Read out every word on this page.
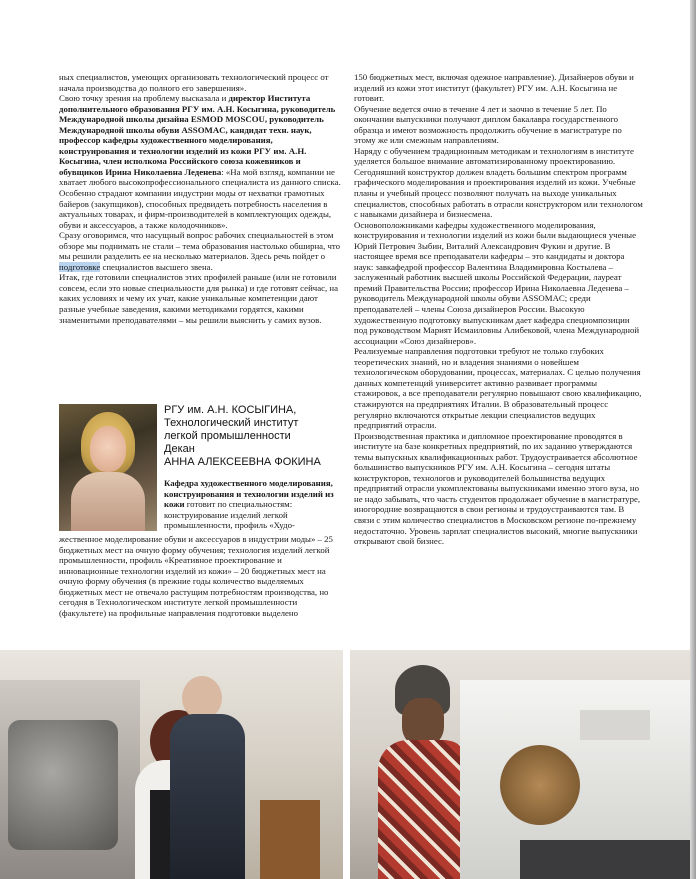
ных специалистов, умеющих организовать технологический процесс от начала производства до полного его завершения».

Свою точку зрения на проблему высказала и директор Института дополнительного образования РГУ им. А.Н. Косыгина, руководитель Международной школы дизайна ESMOD MOSCOU, руководитель Международной школы обуви ASSOMAC, кандидат техн. наук, профессор кафедры художественного моделирования, конструирования и технологии изделий из кожи РГУ им. А.Н. Косыгина, член исполкома Российского союза кожевников и обувщиков Ирина Николаевна Леденева: «На мой взгляд, компании не хватает любого высокопрофессионального специалиста из данного списка. Особенно страдают компании индустрии моды от нехватки грамотных байеров (закупщиков), способных предвидеть потребность населения в актуальных товарах, и фирм-производителей в комплектующих одежды, обуви и аксессуаров, а также колодочников».

Сразу оговоримся, что насущный вопрос рабочих специальностей в этом обзоре мы поднимать не стали – тема образования настолько обширна, что мы решили разделить ее на несколько материалов. Здесь речь пойдет о подготовке специалистов высшего звена.

Итак, где готовили специалистов этих профилей раньше (или не готовили совсем, если это новые специальности для рынка) и где готовят сейчас, на каких условиях и чему их учат, какие уникальные компетенции дают разные учебные заведения, какими методиками гордятся, какими знаменитыми преподавателями – мы решили выяснить у самих вузов.

РГУ им. А.Н. КОСЫГИНА,
Технологический институт
легкой промышленности
Декан
АННА АЛЕКСЕЕВНА ФОКИНА
Кафедра художественного моделирования, конструирования и технологии изделий из кожи готовит по специальностям: конструирование изделий легкой промышленности, профиль «Худо-
жественное моделирование обуви и аксессуаров в индустрии моды» – 25 бюджетных мест на очную форму обучения; технология изделий легкой промышленности, профиль «Креативное проектирование и инновационные технологии изделий из кожи» – 20 бюджетных мест на очную форму обучения (в прежние годы количество выделяемых бюджетных мест не отвечало растущим потребностям производства, но сегодня в Технологическом институте легкой промышленности (факультете) на профильные направления подготовки выделено

150 бюджетных мест, включая одежное направление). Дизайнеров обуви и изделий из кожи этот институт (факультет) РГУ им. А.Н. Косыгина не готовит.

Обучение ведется очно в течение 4 лет и заочно в течение 5 лет. По окончании выпускники получают диплом бакалавра государственного образца и имеют возможность продолжить обучение в магистратуре по этому же или смежным направлениям.

Наряду с обучением традиционным методикам и технологиям в институте уделяется большое внимание автоматизированному проектированию. Сегодняшний конструктор должен владеть большим спектром программ графического моделирования и проектирования изделий из кожи. Учебные планы и учебный процесс позволяют получать на выходе уникальных специалистов, способных работать в отрасли конструктором или технологом с навыками дизайнера и бизнесмена.

Основоположниками кафедры художественного моделирования, конструирования и технологии изделий из кожи были выдающиеся ученые Юрий Петрович Зыбин, Виталий Александрович Фукин и другие. В настоящее время все преподаватели кафедры – это кандидаты и доктора наук: завкафедрой профессор Валентина Владимировна Костылева – заслуженный работник высшей школы Российской Федерации, лауреат премий Правительства России; профессор Ирина Николаевна Леденева – руководитель Международной школы обуви ASSOMAC; среди преподавателей – члены Союза дизайнеров России. Высокую художественную подготовку выпускникам дает кафедра специомпозиции под руководством Марият Исмаиловны Алибековой, члена Международной ассоциации «Союз дизайнеров».

Реализуемые направления подготовки требуют не только глубоких теоретических знаний, но и владения знаниями о новейшем технологическом оборудовании, процессах, материалах. С целью получения данных компетенций университет активно развивает программы стажировок, а все преподаватели регулярно повышают свою квалификацию, стажируются на предприятиях Италии. В образовательный процесс регулярно включаются открытые лекции специалистов ведущих предприятий отрасли.

Производственная практика и дипломное проектирование проводятся в институте на базе конкретных предприятий, по их заданию утверждаются темы выпускных квалификационных работ. Трудоустраивается абсолютное большинство выпускников РГУ им. А.Н. Косыгина – сегодня штаты конструкторов, технологов и руководителей большинства ведущих предприятий отрасли укомплектованы выпускниками именно этого вуза, но не надо забывать, что часть студентов продолжает обучение в магистратуре, иногородние возвращаются в свои регионы и трудоустраиваются там. В связи с этим количество специалистов в Московском регионе по-прежнему недостаточно. Уровень зарплат специалистов высокий, многие выпускники открывают свой бизнес.
